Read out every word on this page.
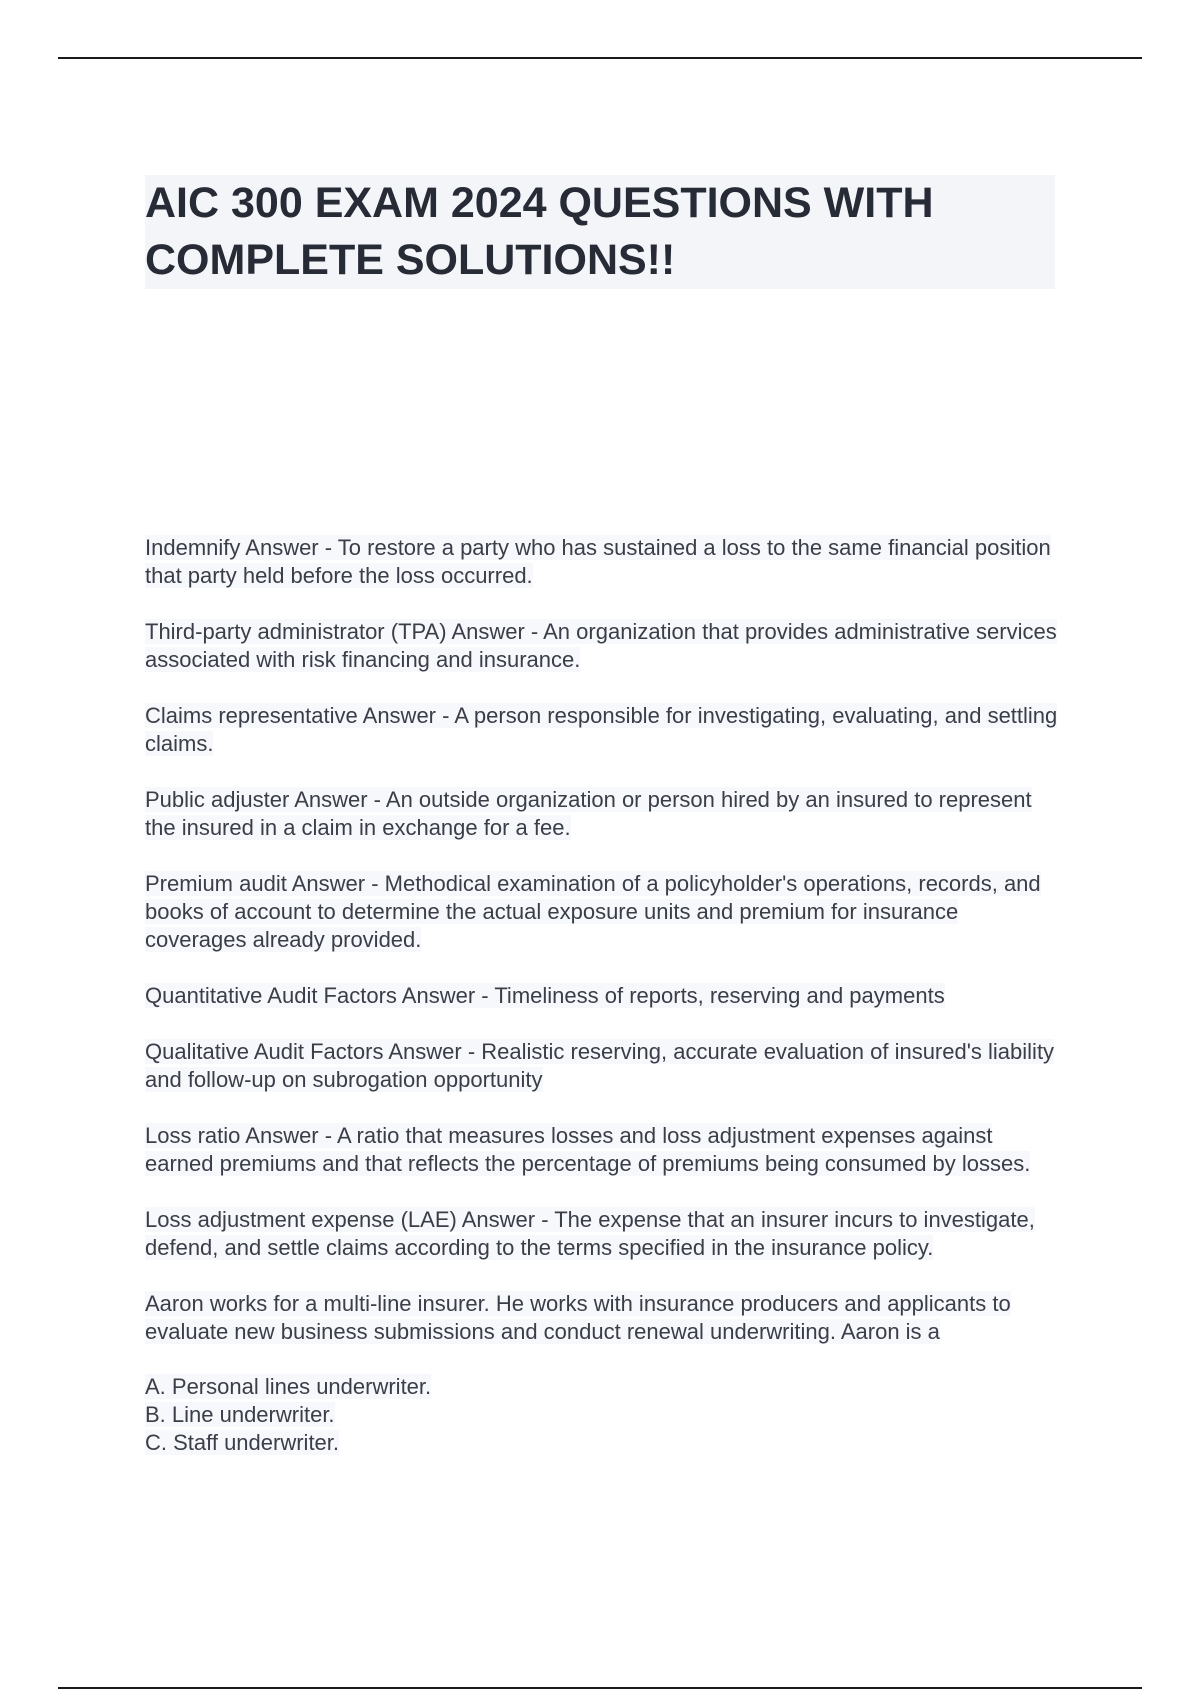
AIC 300 EXAM 2024 QUESTIONS WITH COMPLETE SOLUTIONS!!

Indemnify Answer - To restore a party who has sustained a loss to the same financial position that party held before the loss occurred.

Third-party administrator (TPA) Answer - An organization that provides administrative services associated with risk financing and insurance.

Claims representative Answer - A person responsible for investigating, evaluating, and settling claims.

Public adjuster Answer - An outside organization or person hired by an insured to represent the insured in a claim in exchange for a fee.

Premium audit Answer - Methodical examination of a policyholder's operations, records, and books of account to determine the actual exposure units and premium for insurance coverages already provided.

Quantitative Audit Factors Answer - Timeliness of reports, reserving and payments

Qualitative Audit Factors Answer - Realistic reserving, accurate evaluation of insured's liability and follow-up on subrogation opportunity

Loss ratio Answer - A ratio that measures losses and loss adjustment expenses against earned premiums and that reflects the percentage of premiums being consumed by losses.

Loss adjustment expense (LAE) Answer - The expense that an insurer incurs to investigate, defend, and settle claims according to the terms specified in the insurance policy.

Aaron works for a multi-line insurer. He works with insurance producers and applicants to evaluate new business submissions and conduct renewal underwriting. Aaron is a

A. Personal lines underwriter.
B. Line underwriter.
C. Staff underwriter.
